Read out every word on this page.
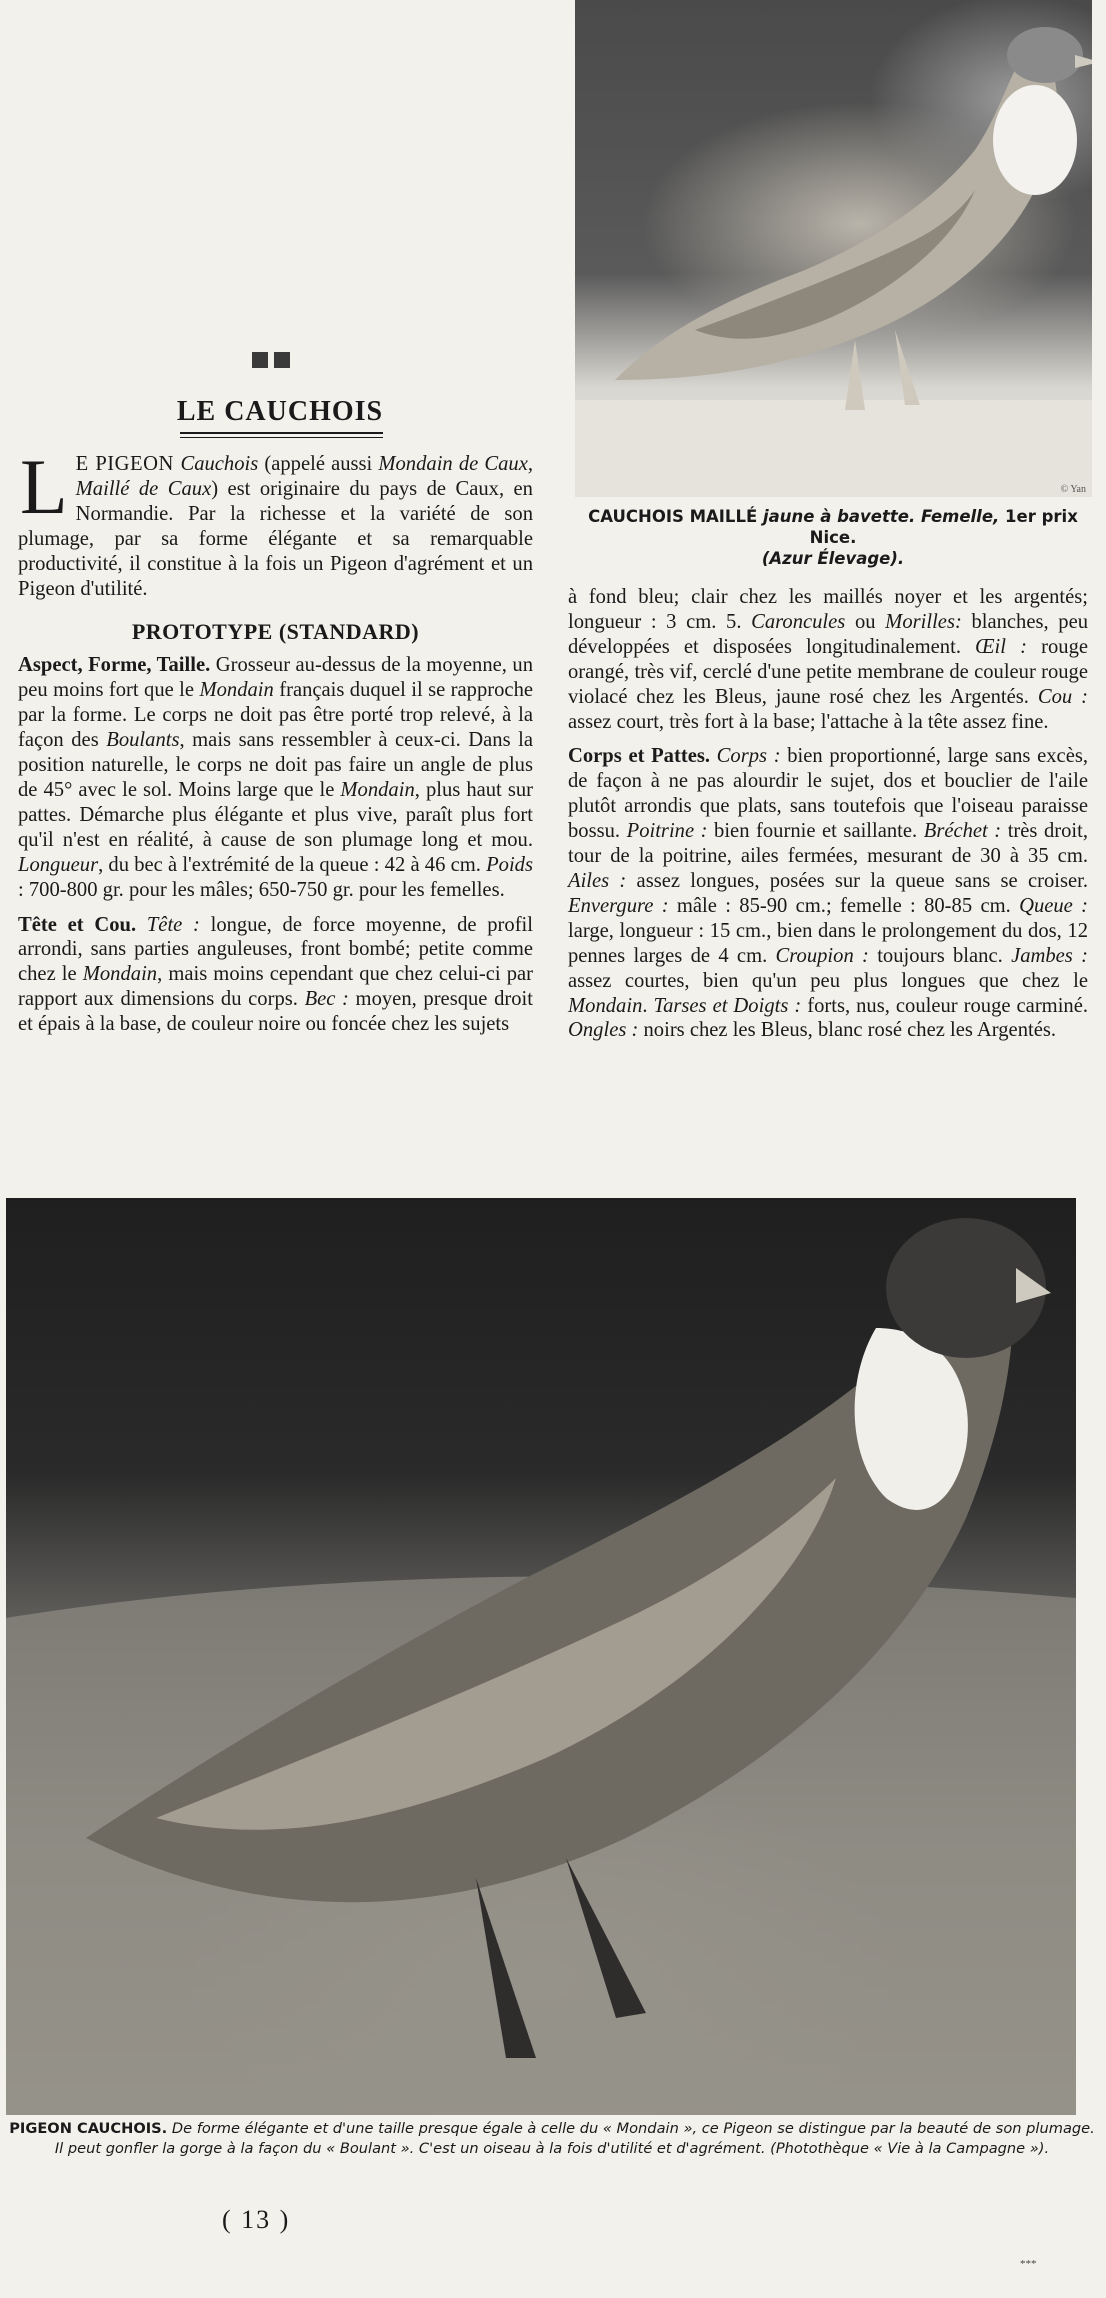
© Yan
CAUCHOIS MAILLÉ jaune à bavette. Femelle, 1er prix Nice.
(Azur Élevage).
LE CAUCHOIS

L E PIGEON Cauchois (appelé aussi Mondain de Caux, Maillé de Caux) est originaire du pays de Caux, en Normandie. Par la richesse et la variété de son plumage, par sa forme élégante et sa remarquable productivité, il constitue à la fois un Pigeon d'agrément et un Pigeon d'utilité.

PROTOTYPE (STANDARD)

Aspect, Forme, Taille. Grosseur au-dessus de la moyenne, un peu moins fort que le Mondain français duquel il se rapproche par la forme. Le corps ne doit pas être porté trop relevé, à la façon des Boulants, mais sans ressembler à ceux-ci. Dans la position naturelle, le corps ne doit pas faire un angle de plus de 45° avec le sol. Moins large que le Mondain, plus haut sur pattes. Démarche plus élégante et plus vive, paraît plus fort qu'il n'est en réalité, à cause de son plumage long et mou. Longueur, du bec à l'extrémité de la queue : 42 à 46 cm. Poids : 700-800 gr. pour les mâles; 650-750 gr. pour les femelles.

Tête et Cou. Tête : longue, de force moyenne, de profil arrondi, sans parties anguleuses, front bombé; petite comme chez le Mondain, mais moins cependant que chez celui-ci par rapport aux dimensions du corps. Bec : moyen, presque droit et épais à la base, de couleur noire ou foncée chez les sujets

à fond bleu; clair chez les maillés noyer et les argentés; longueur : 3 cm. 5. Caroncules ou Morilles: blanches, peu développées et disposées longitudinalement. Œil : rouge orangé, très vif, cerclé d'une petite membrane de couleur rouge violacé chez les Bleus, jaune rosé chez les Argentés. Cou : assez court, très fort à la base; l'attache à la tête assez fine.

Corps et Pattes. Corps : bien proportionné, large sans excès, de façon à ne pas alourdir le sujet, dos et bouclier de l'aile plutôt arrondis que plats, sans toutefois que l'oiseau paraisse bossu. Poitrine : bien fournie et saillante. Bréchet : très droit, tour de la poitrine, ailes fermées, mesurant de 30 à 35 cm. Ailes : assez longues, posées sur la queue sans se croiser. Envergure : mâle : 85-90 cm.; femelle : 80-85 cm. Queue : large, longueur : 15 cm., bien dans le prolongement du dos, 12 pennes larges de 4 cm. Croupion : toujours blanc. Jambes : assez courtes, bien qu'un peu plus longues que chez le Mondain. Tarses et Doigts : forts, nus, couleur rouge carminé. Ongles : noirs chez les Bleus, blanc rosé chez les Argentés.

PIGEON CAUCHOIS. De forme élégante et d'une taille presque égale à celle du « Mondain », ce Pigeon se distingue par la beauté de son plumage. Il peut gonfler la gorge à la façon du « Boulant ». C'est un oiseau à la fois d'utilité et d'agrément. (Photothèque « Vie à la Campagne »).
( 13 )
***
